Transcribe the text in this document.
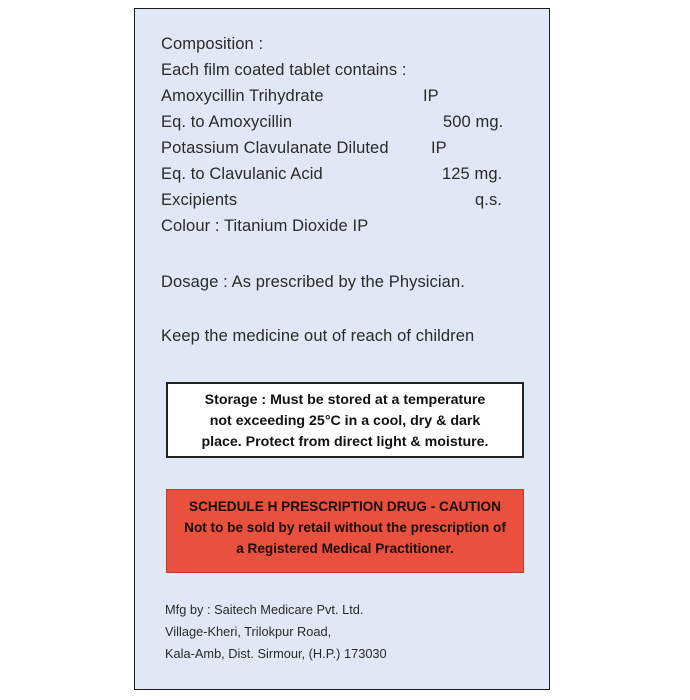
Composition :
Each film coated tablet contains :
Amoxycillin Trihydrate	IP
Eq. to Amoxycillin	500 mg.
Potassium Clavulanate Diluted	IP
Eq. to Clavulanic Acid	125 mg.
Excipients	q.s.
Colour : Titanium Dioxide IP
Dosage : As prescribed by the Physician.
Keep the medicine out of reach of children
Storage : Must be stored at a temperature
not exceeding 25°C in a cool, dry & dark
place. Protect from direct light & moisture.
SCHEDULE H PRESCRIPTION DRUG - CAUTION
Not to be sold by retail without the prescription of
a Registered Medical Practitioner.
Mfg by : Saitech Medicare Pvt. Ltd.
Village-Kheri, Trilokpur Road,
Kala-Amb, Dist. Sirmour, (H.P.) 173030
